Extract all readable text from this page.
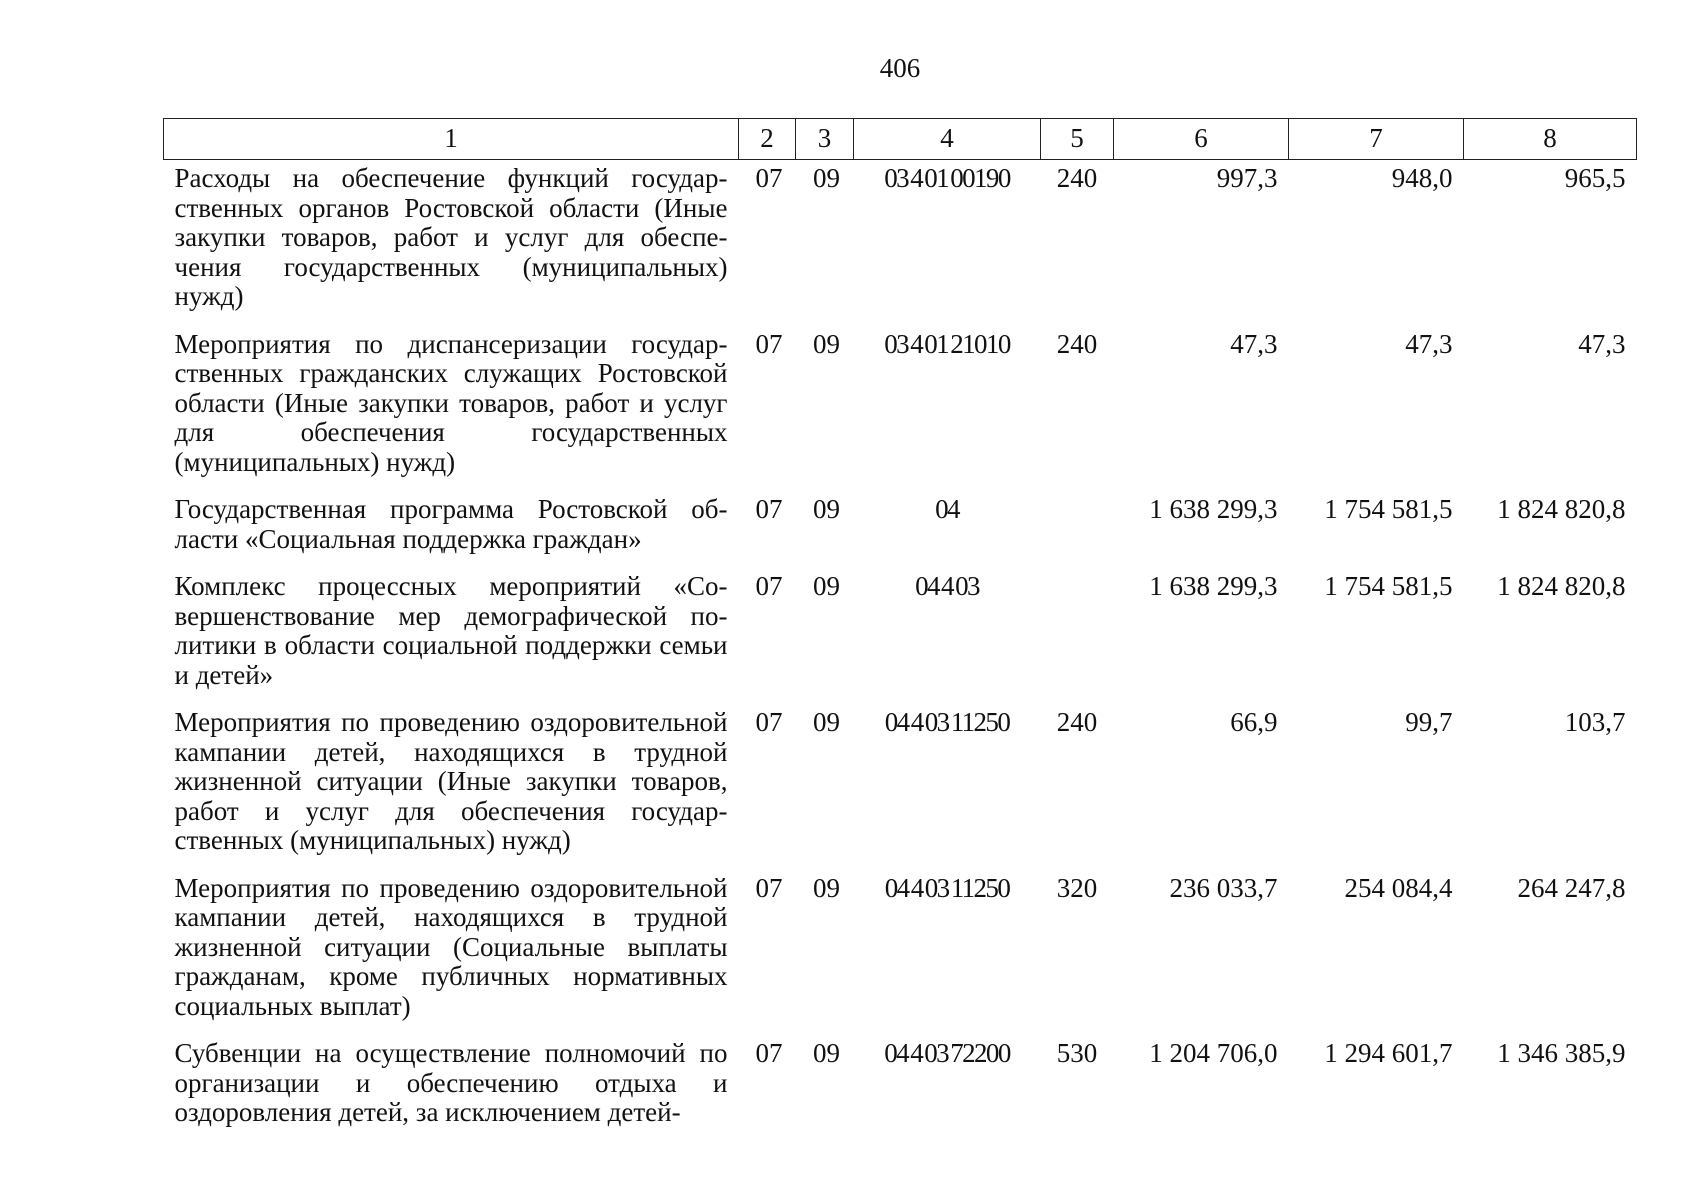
406
1	2	3	4	5	6	7	8
Расходы на обеспечение функций государственных органов Ростовской области (Иные закупки товаров, работ и услуг для обеспечения государственных (муниципальных) нужд)	07	09	03 4 01 00190	240	997,3	948,0	965,5
Мероприятия по диспансеризации государственных гражданских служащих Ростовской области (Иные закупки товаров, работ и услуг для обеспечения государственных (муниципальных) нужд)	07	09	03 4 01 21010	240	47,3	47,3	47,3
Государственная программа Ростовской области «Социальная поддержка граждан»	07	09	04		1 638 299,3	1 754 581,5	1 824 820,8
Комплекс процессных мероприятий «Совершенствование мер демографической политики в области социальной поддержки семьи и детей»	07	09	04 4 03		1 638 299,3	1 754 581,5	1 824 820,8
Мероприятия по проведению оздоровительной кампании детей, находящихся в трудной жизненной ситуации (Иные закупки товаров, работ и услуг для обеспечения государственных (муниципальных) нужд)	07	09	04 4 03 11250	240	66,9	99,7	103,7
Мероприятия по проведению оздоровительной кампании детей, находящихся в трудной жизненной ситуации (Социальные выплаты гражданам, кроме публичных нормативных социальных выплат)	07	09	04 4 03 11250	320	236 033,7	254 084,4	264 247,8
Субвенции на осуществление полномочий по организации и обеспечению отдыха и оздоровления детей, за исключением детей-	07	09	04 4 03 72200	530	1 204 706,0	1 294 601,7	1 346 385,9
